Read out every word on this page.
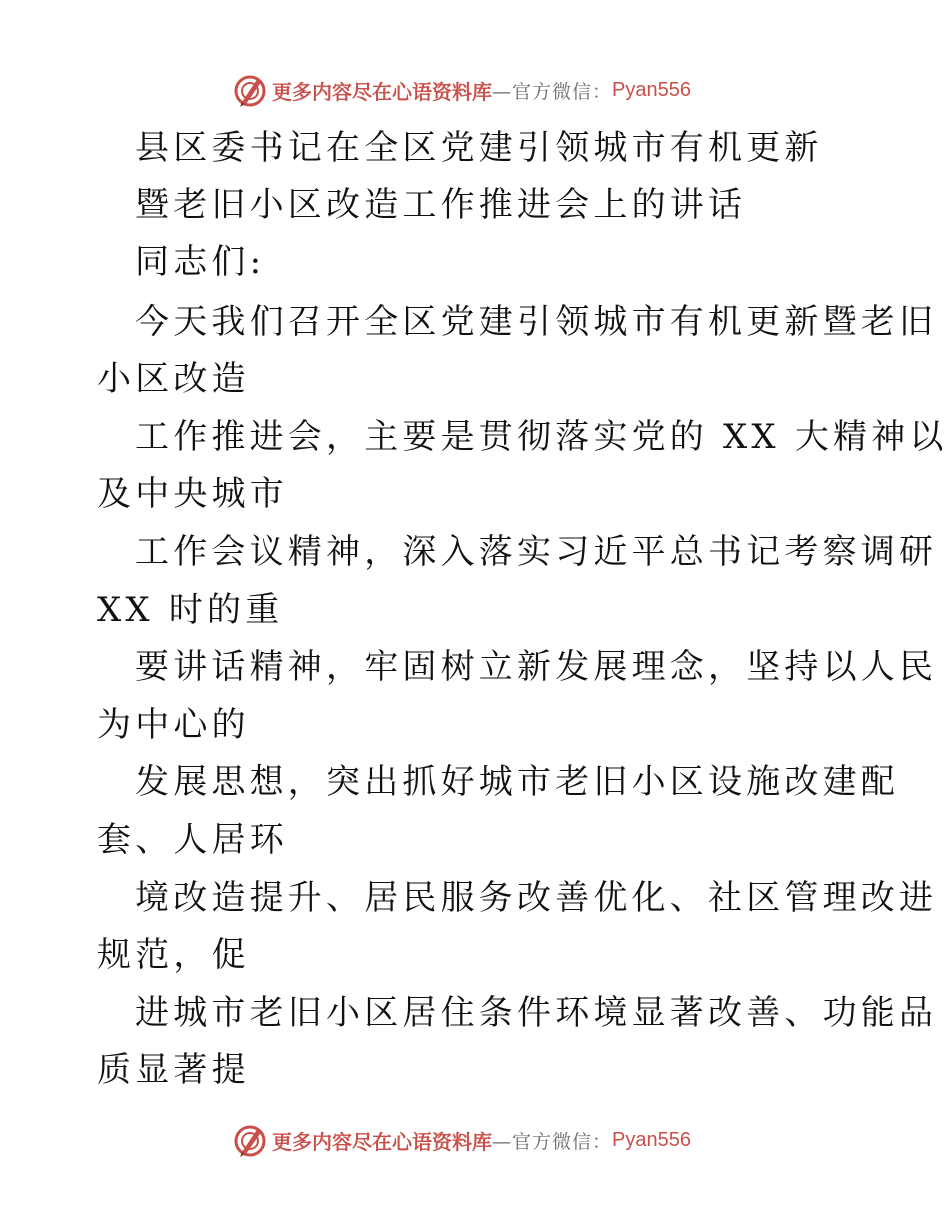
更多内容尽在心语资料库 —官方微信： Pyan556

县区委书记在全区党建引领城市有机更新

暨老旧小区改造工作推进会上的讲话

同志们:

今天我们召开全区党建引领城市有机更新暨老旧

小区改造

工作推进会，主要是贯彻落实党的 XX 大精神以

及中央城市

工作会议精神，深入落实习近平总书记考察调研

XX 时的重

要讲话精神，牢固树立新发展理念，坚持以人民

为中心的

发展思想，突出抓好城市老旧小区设施改建配

套、人居环

境改造提升、居民服务改善优化、社区管理改进

规范，促

进城市老旧小区居住条件环境显著改善、功能品

质显著提

更多内容尽在心语资料库 —官方微信： Pyan556
